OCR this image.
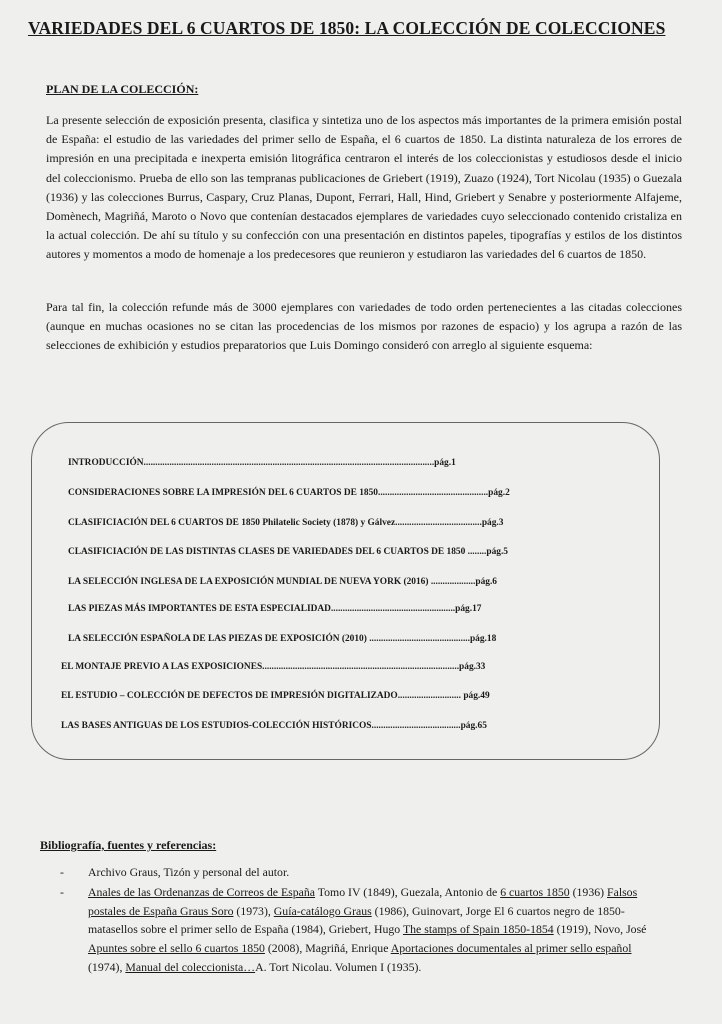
VARIEDADES DEL 6 CUARTOS DE 1850: LA COLECCIÓN DE COLECCIONES
PLAN DE LA COLECCIÓN:

La presente selección de exposición presenta, clasifica y sintetiza uno de los aspectos más importantes de la primera emisión postal de España: el estudio de las variedades del primer sello de España, el 6 cuartos de 1850. La distinta naturaleza de los errores de impresión en una precipitada e inexperta emisión litográfica centraron el interés de los coleccionistas y estudiosos desde el inicio del coleccionismo. Prueba de ello son las tempranas publicaciones de Griebert (1919), Zuazo (1924), Tort Nicolau (1935) o Guezala (1936) y las colecciones Burrus, Caspary, Cruz Planas, Dupont, Ferrari, Hall, Hind, Griebert y Senabre y posteriormente Alfajeme, Domènech, Magriñá, Maroto o Novo que contenían destacados ejemplares de variedades cuyo seleccionado contenido cristaliza en la actual colección. De ahí su título y su confección con una presentación en distintos papeles, tipografías y estilos de los distintos autores y momentos a modo de homenaje a los predecesores que reunieron y estudiaron las variedades del 6 cuartos de 1850.

Para tal fin, la colección refunde más de 3000 ejemplares con variedades de todo orden pertenecientes a las citadas colecciones (aunque en muchas ocasiones no se citan las procedencias de los mismos por razones de espacio) y los agrupa a razón de las selecciones de exhibición y estudios preparatorios que Luis Domingo consideró con arreglo al siguiente esquema:

INTRODUCCIÓN............................................................................................................................pág.1
CONSIDERACIONES SOBRE LA IMPRESIÓN DEL 6 CUARTOS DE 1850...............................................pág.2
CLASIFICIACIÓN DEL 6 CUARTOS DE 1850 Philatelic Society (1878) y Gálvez.....................................pág.3
CLASIFICIACIÓN DE LAS DISTINTAS CLASES DE VARIEDADES DEL 6 CUARTOS DE 1850 ........pág.5
LA SELECCIÓN INGLESA DE LA EXPOSICIÓN MUNDIAL DE NUEVA YORK (2016) ...................pág.6
LAS PIEZAS MÁS IMPORTANTES DE ESTA ESPECIALIDAD.....................................................pág.17
LA SELECCIÓN ESPAÑOLA DE LAS PIEZAS DE EXPOSICIÓN (2010) ...........................................pág.18
EL MONTAJE PREVIO A LAS EXPOSICIONES....................................................................................pág.33
EL ESTUDIO – COLECCIÓN DE DEFECTOS DE IMPRESIÓN DIGITALIZADO........................... pág.49
LAS BASES ANTIGUAS DE LOS ESTUDIOS-COLECCIÓN HISTÓRICOS......................................pág.65
Bibliografía, fuentes y referencias:
- Archivo Graus, Tizón y personal del autor.
- Anales de las Ordenanzas de Correos de España Tomo IV (1849), Guezala, Antonio de 6 cuartos 1850 (1936) Falsos postales de España Graus Soro (1973), Guía-catálogo Graus (1986), Guinovart, Jorge El 6 cuartos negro de 1850- matasellos sobre el primer sello de España (1984), Griebert, Hugo The stamps of Spain 1850-1854 (1919), Novo, José Apuntes sobre el sello 6 cuartos 1850 (2008), Magriñá, Enrique Aportaciones documentales al primer sello español (1974), Manual del coleccionista…A. Tort Nicolau. Volumen I (1935).
